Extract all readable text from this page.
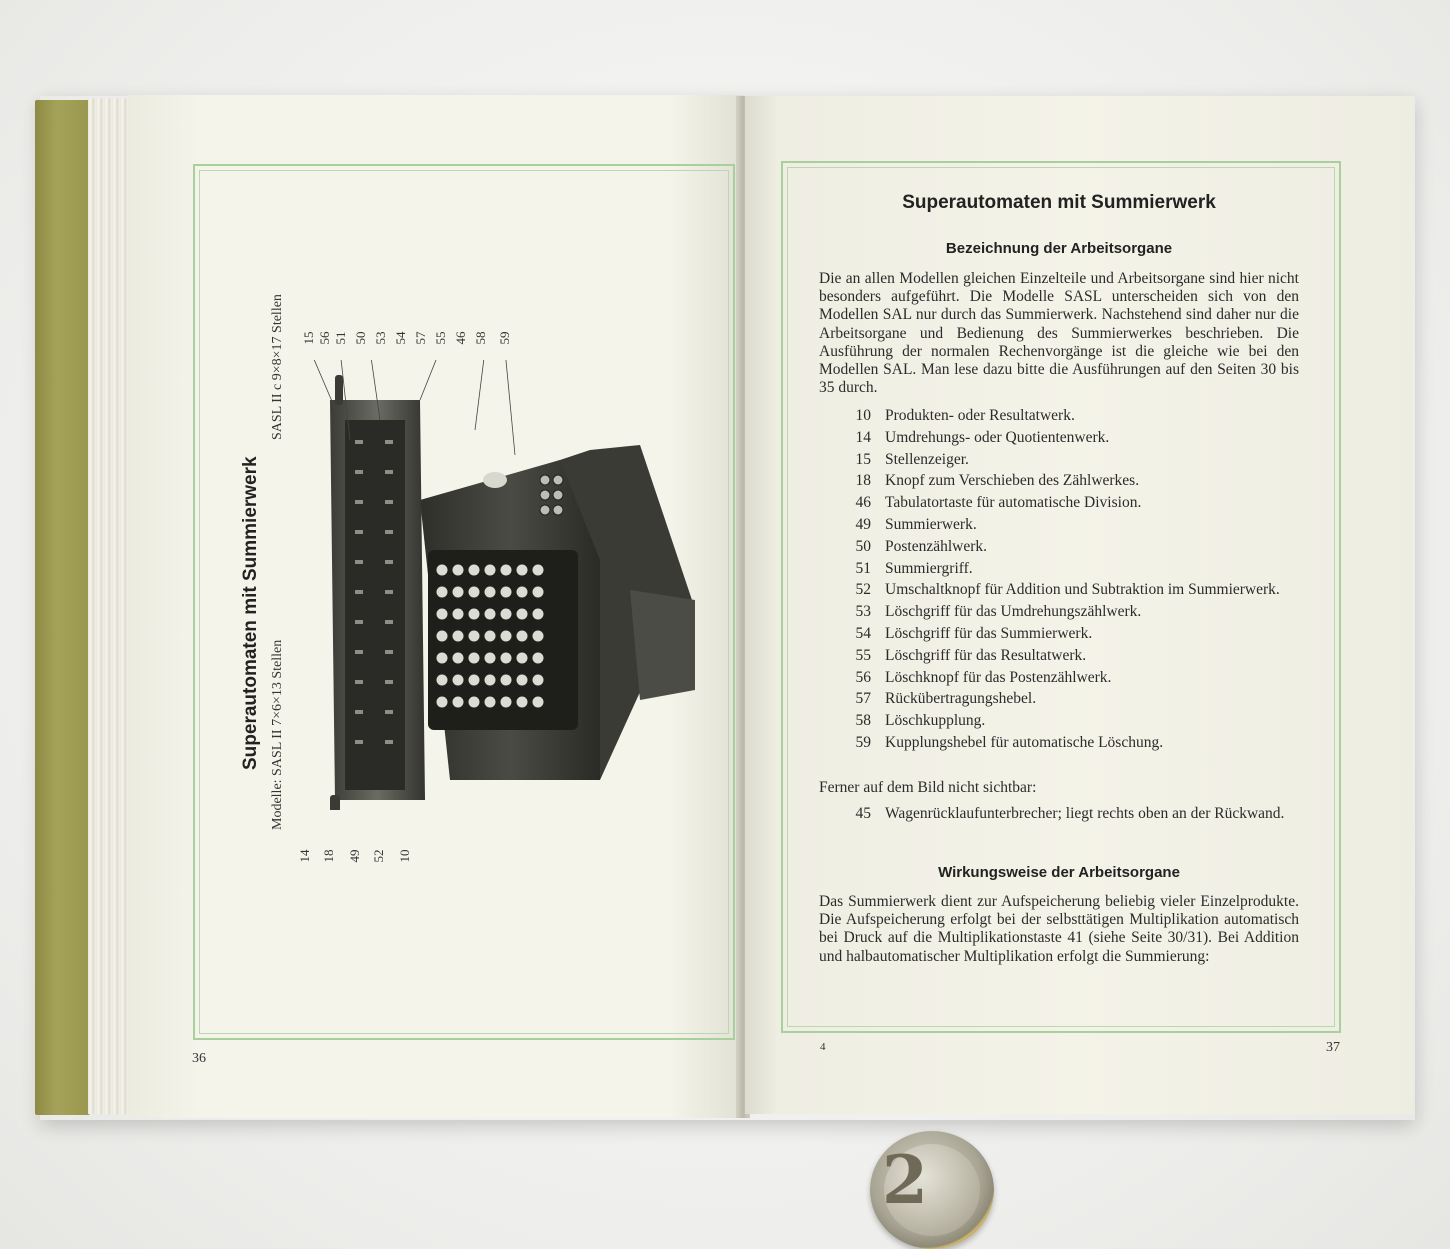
Superautomaten mit Summierwerk Modelle: SASL II 7×6×13 Stellen
SASL II c 9×8×17 Stellen 15 56 51 50 53 54 57 55 46 58 59
14 18 49 52 10
36
Superautomaten mit Summierwerk
Bezeichnung der Arbeitsorgane
Die an allen Modellen gleichen Einzelteile und Arbeitsorgane sind hier nicht besonders aufgeführt. Die Modelle SASL unterscheiden sich von den Modellen SAL nur durch das Summierwerk. Nachstehend sind daher nur die Arbeitsorgane und Bedienung des Summierwerkes beschrieben. Die Ausführung der normalen Rechenvorgänge ist die gleiche wie bei den Modellen SAL. Man lese dazu bitte die Ausführungen auf den Seiten 30 bis 35 durch.
10 Produkten- oder Resultatwerk.
14 Umdrehungs- oder Quotientenwerk.
15 Stellenzeiger.
18 Knopf zum Verschieben des Zählwerkes.
46 Tabulatortaste für automatische Division.
49 Summierwerk.
50 Postenzählwerk.
51 Summiergriff.
52 Umschaltknopf für Addition und Subtraktion im Summierwerk.
53 Löschgriff für das Umdrehungszählwerk.
54 Löschgriff für das Summierwerk.
55 Löschgriff für das Resultatwerk.
56 Löschknopf für das Postenzählwerk.
57 Rückübertragungshebel.
58 Löschkupplung.
59 Kupplungshebel für automatische Löschung.
Ferner auf dem Bild nicht sichtbar:
45 Wagenrücklaufunterbrecher; liegt rechts oben an der Rückwand.
Wirkungsweise der Arbeitsorgane
Das Summierwerk dient zur Aufspeicherung beliebig vieler Einzelprodukte. Die Aufspeicherung erfolgt bei der selbsttätigen Multiplikation automatisch bei Druck auf die Multiplikationstaste 41 (siehe Seite 30/31). Bei Addition und halbautomatischer Multiplikation erfolgt die Summierung:
4	37
2
